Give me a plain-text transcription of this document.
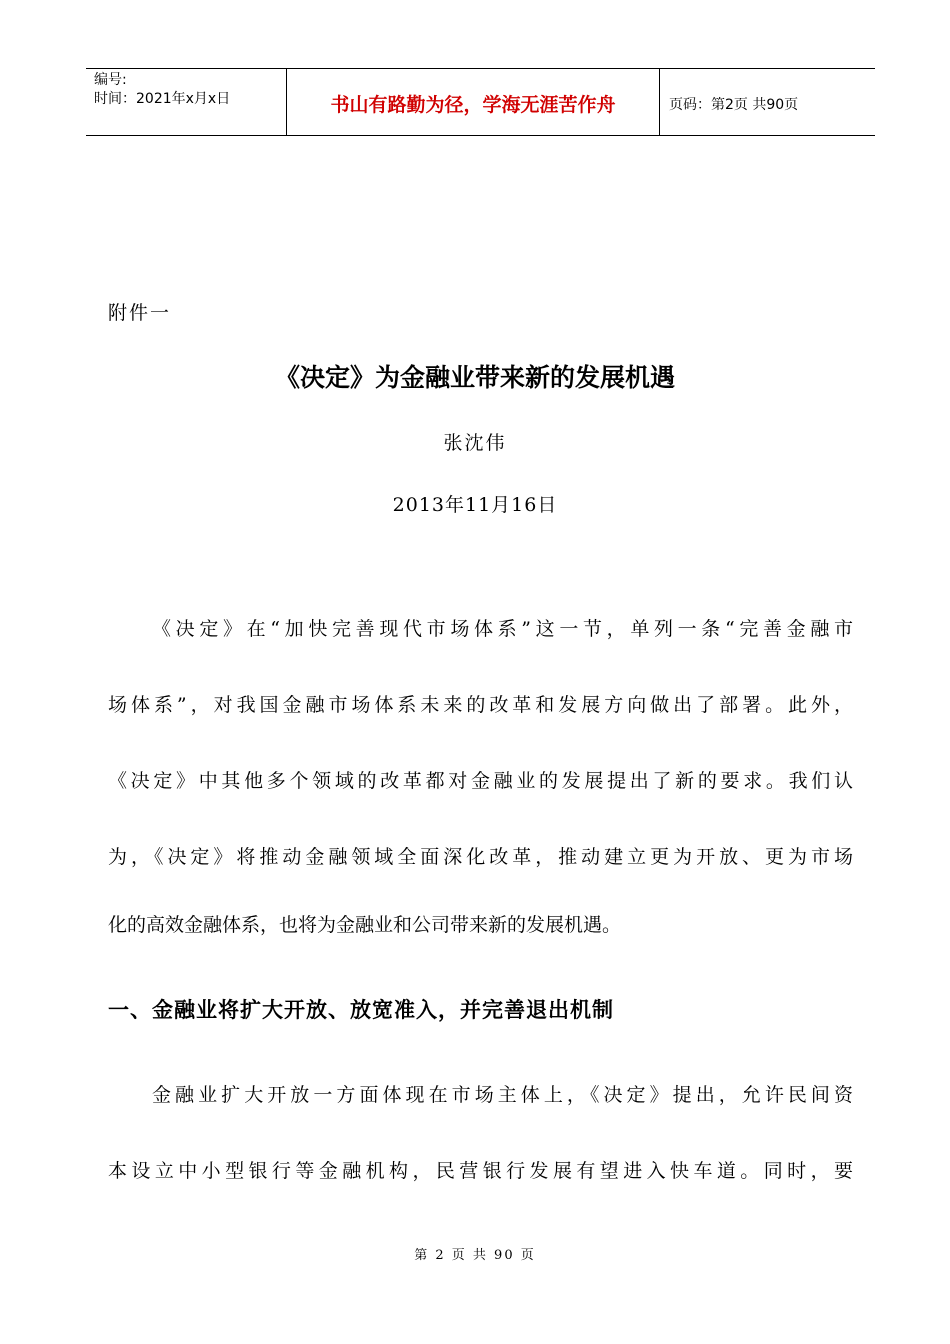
编号:
时间：2021年x月x日	书山有路勤为径，学海无涯苦作舟	页码：第2页 共90页
附件一
《决定》为金融业带来新的发展机遇
张沈伟
2013年11月16日
《决定》在“加快完善现代市场体系”这一节，单列一条“完善金融市
场体系”，对我国金融市场体系未来的改革和发展方向做出了部署。此外，
《决定》中其他多个领域的改革都对金融业的发展提出了新的要求。我们认
为，《决定》将推动金融领域全面深化改革，推动建立更为开放、更为市场
化的高效金融体系，也将为金融业和公司带来新的发展机遇。
一、金融业将扩大开放、放宽准入，并完善退出机制
金融业扩大开放一方面体现在市场主体上，《决定》提出，允许民间资
本设立中小型银行等金融机构，民营银行发展有望进入快车道。同时，要
第 2 页 共 90 页
